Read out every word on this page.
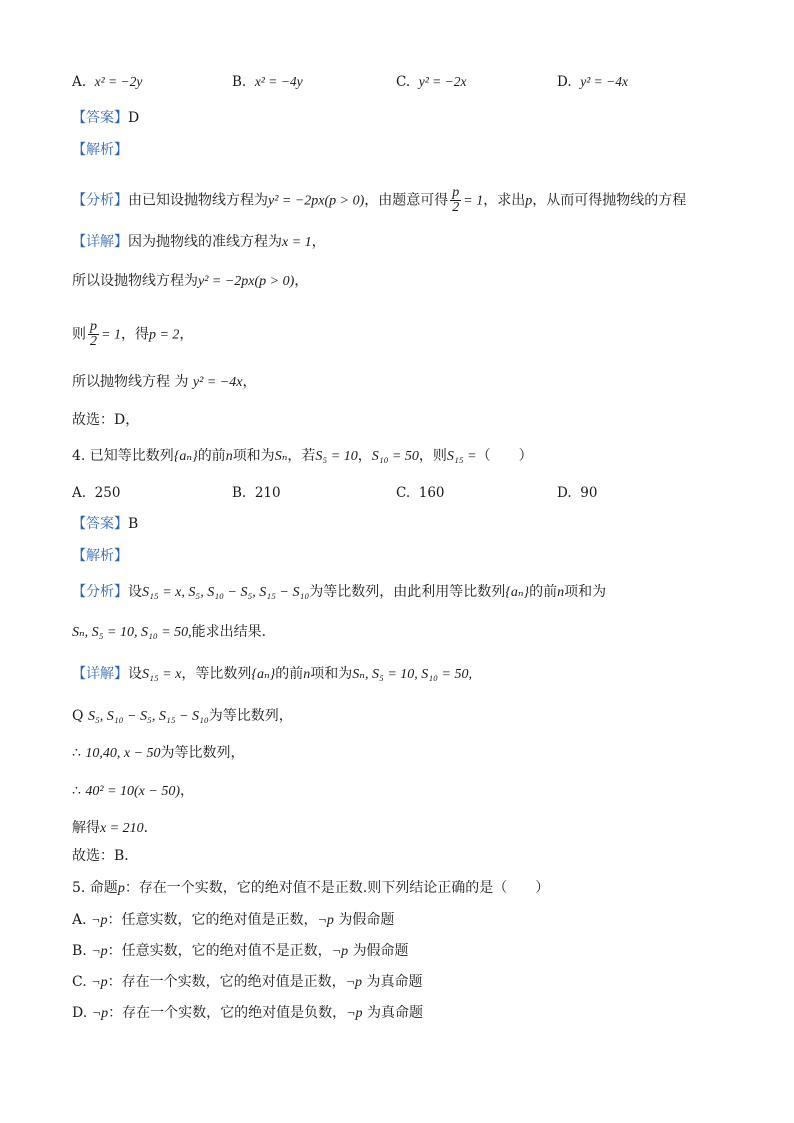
A. x² = −2y	B. x² = −4y	C. y² = −2x	D. y² = −4x
【答案】D
【解析】
【分析】由已知设抛物线方程为y² = −2px(p > 0)，由题意可得 $\frac{p}{2} = 1$，求出p，从而可得抛物线的方程
【详解】因为抛物线的准线方程为x = 1，
所以设抛物线方程为y² = −2px(p > 0)，
则 $\frac{p}{2} = 1$，得p = 2，
所以抛物线方程 为 y² = −4x，
故选：D，
4. 已知等比数列{aₙ}的前n项和为Sₙ，若S₅ = 10，S₁₀ = 50，则S₁₅ =（　　）
A. 250	B. 210	C. 160	D. 90
【答案】B
【解析】
【分析】设S₁₅ = x, S₅, S₁₀ − S₅, S₁₅ − S₁₀为等比数列，由此利用等比数列{aₙ}的前n项和为
Sₙ, S₅ = 10, S₁₀ = 50,能求出结果．
【详解】设S₁₅ = x，等比数列{aₙ}的前n项和为Sₙ, S₅ = 10, S₁₀ = 50,
Q S₅, S₁₀ − S₅, S₁₅ − S₁₀为等比数列，
∴ 10,40, x − 50为等比数列，
∴ 40² = 10(x − 50)，
解得x = 210．
故选：B．
5. 命题p：存在一个实数，它的绝对值不是正数.则下列结论正确的是（　　）
A. ¬p：任意实数，它的绝对值是正数，¬p 为假命题
B. ¬p：任意实数，它的绝对值不是正数，¬p 为假命题
C. ¬p：存在一个实数，它的绝对值是正数，¬p 为真命题
D. ¬p：存在一个实数，它的绝对值是负数，¬p 为真命题
